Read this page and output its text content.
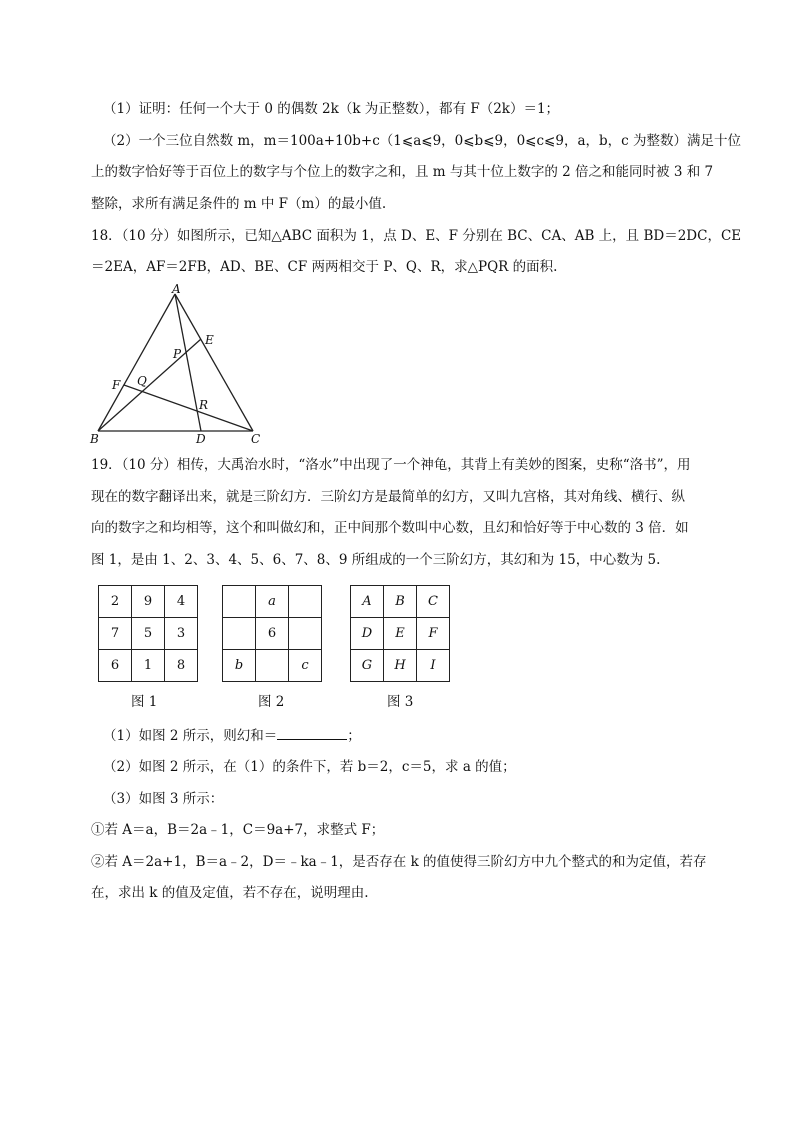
（1）证明：任何一个大于 0 的偶数 2k（k 为正整数），都有 F（2k）＝1；
（2）一个三位自然数 m，m＝100a+10b+c（1⩽a⩽9，0⩽b⩽9，0⩽c⩽9，a，b，c 为整数）满足十位
上的数字恰好等于百位上的数字与个位上的数字之和，且 m 与其十位上数字的 2 倍之和能同时被 3 和 7
整除，求所有满足条件的 m 中 F（m）的最小值.
18．（10 分）如图所示，已知△ABC 面积为 1，点 D、E、F 分别在 BC、CA、AB 上，且 BD＝2DC，CE
＝2EA，AF＝2FB，AD、BE、CF 两两相交于 P、Q、R，求△PQR 的面积.
A
B	C
D
E
F
P
Q
R
19．（10 分）相传，大禹治水时，“洛水”中出现了一个神龟，其背上有美妙的图案，史称“洛书”，用
现在的数字翻译出来，就是三阶幻方．三阶幻方是最简单的幻方，又叫九宫格，其对角线、横行、纵
向的数字之和均相等，这个和叫做幻和，正中间那个数叫中心数，且幻和恰好等于中心数的 3 倍．如
图 1，是由 1、2、3、4、5、6、7、8、9 所组成的一个三阶幻方，其幻和为 15，中心数为 5.
2	9	4
7	5	3
6	1	8
图 1
	a	
	6	
b		c
图 2
A	B	C
D	E	F
G	H	I
图 3
（1）如图 2 所示，则幻和＝	；
（2）如图 2 所示，在（1）的条件下，若 b＝2，c＝5，求 a 的值；
（3）如图 3 所示：
①若 A＝a，B＝2a﹣1，C＝9a+7，求整式 F；
②若 A＝2a+1，B＝a﹣2，D＝﹣ka﹣1，是否存在 k 的值使得三阶幻方中九个整式的和为定值，若存
在，求出 k 的值及定值，若不存在，说明理由.
